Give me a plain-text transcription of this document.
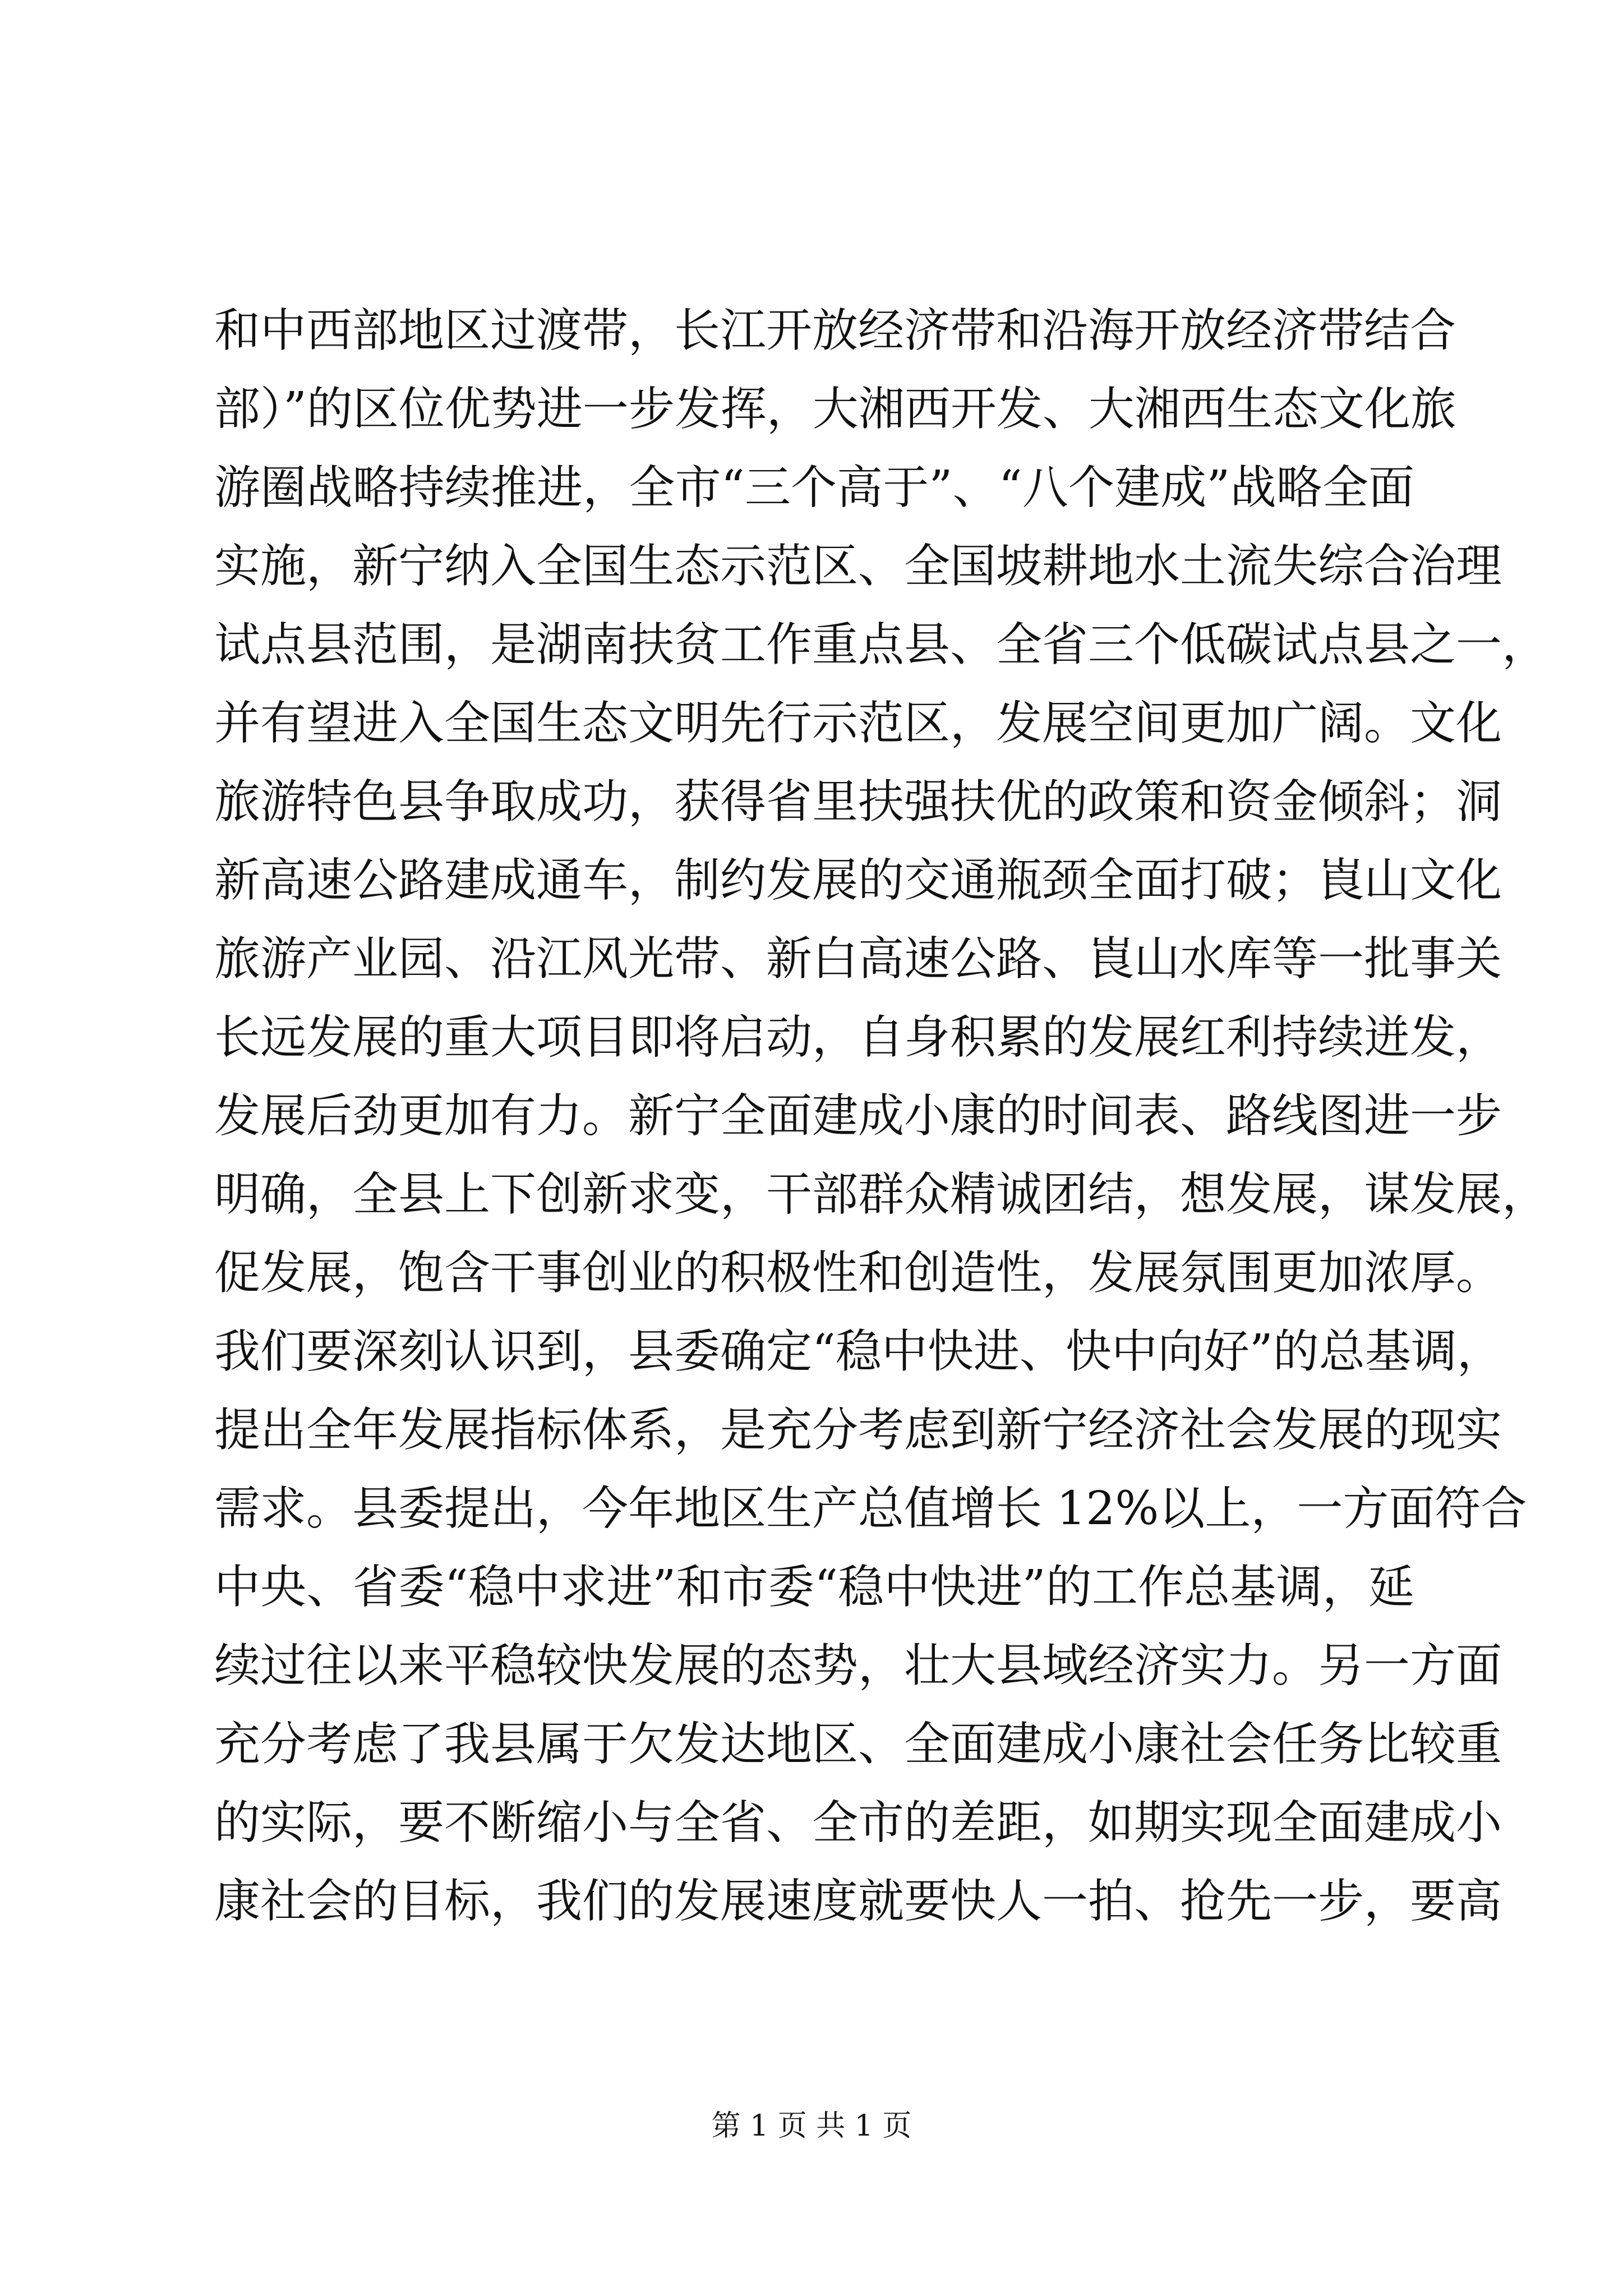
和中西部地区过渡带，长江开放经济带和沿海开放经济带结合
部）”的区位优势进一步发挥，大湘西开发、大湘西生态文化旅
游圈战略持续推进，全市“三个高于”、“八个建成”战略全面
实施，新宁纳入全国生态示范区、全国坡耕地水土流失综合治理
试点县范围，是湖南扶贫工作重点县、全省三个低碳试点县之一，
并有望进入全国生态文明先行示范区，发展空间更加广阔。文化
旅游特色县争取成功，获得省里扶强扶优的政策和资金倾斜；洞
新高速公路建成通车，制约发展的交通瓶颈全面打破；崀山文化
旅游产业园、沿江风光带、新白高速公路、崀山水库等一批事关
长远发展的重大项目即将启动，自身积累的发展红利持续迸发，
发展后劲更加有力。新宁全面建成小康的时间表、路线图进一步
明确，全县上下创新求变，干部群众精诚团结，想发展，谋发展，
促发展，饱含干事创业的积极性和创造性，发展氛围更加浓厚。
我们要深刻认识到，县委确定“稳中快进、快中向好”的总基调，
提出全年发展指标体系，是充分考虑到新宁经济社会发展的现实
需求。县委提出，今年地区生产总值增长 12%以上，一方面符合
中央、省委“稳中求进”和市委“稳中快进”的工作总基调，延
续过往以来平稳较快发展的态势，壮大县域经济实力。另一方面
充分考虑了我县属于欠发达地区、全面建成小康社会任务比较重
的实际，要不断缩小与全省、全市的差距，如期实现全面建成小
康社会的目标，我们的发展速度就要快人一拍、抢先一步，要高
第 1 页 共 1 页
